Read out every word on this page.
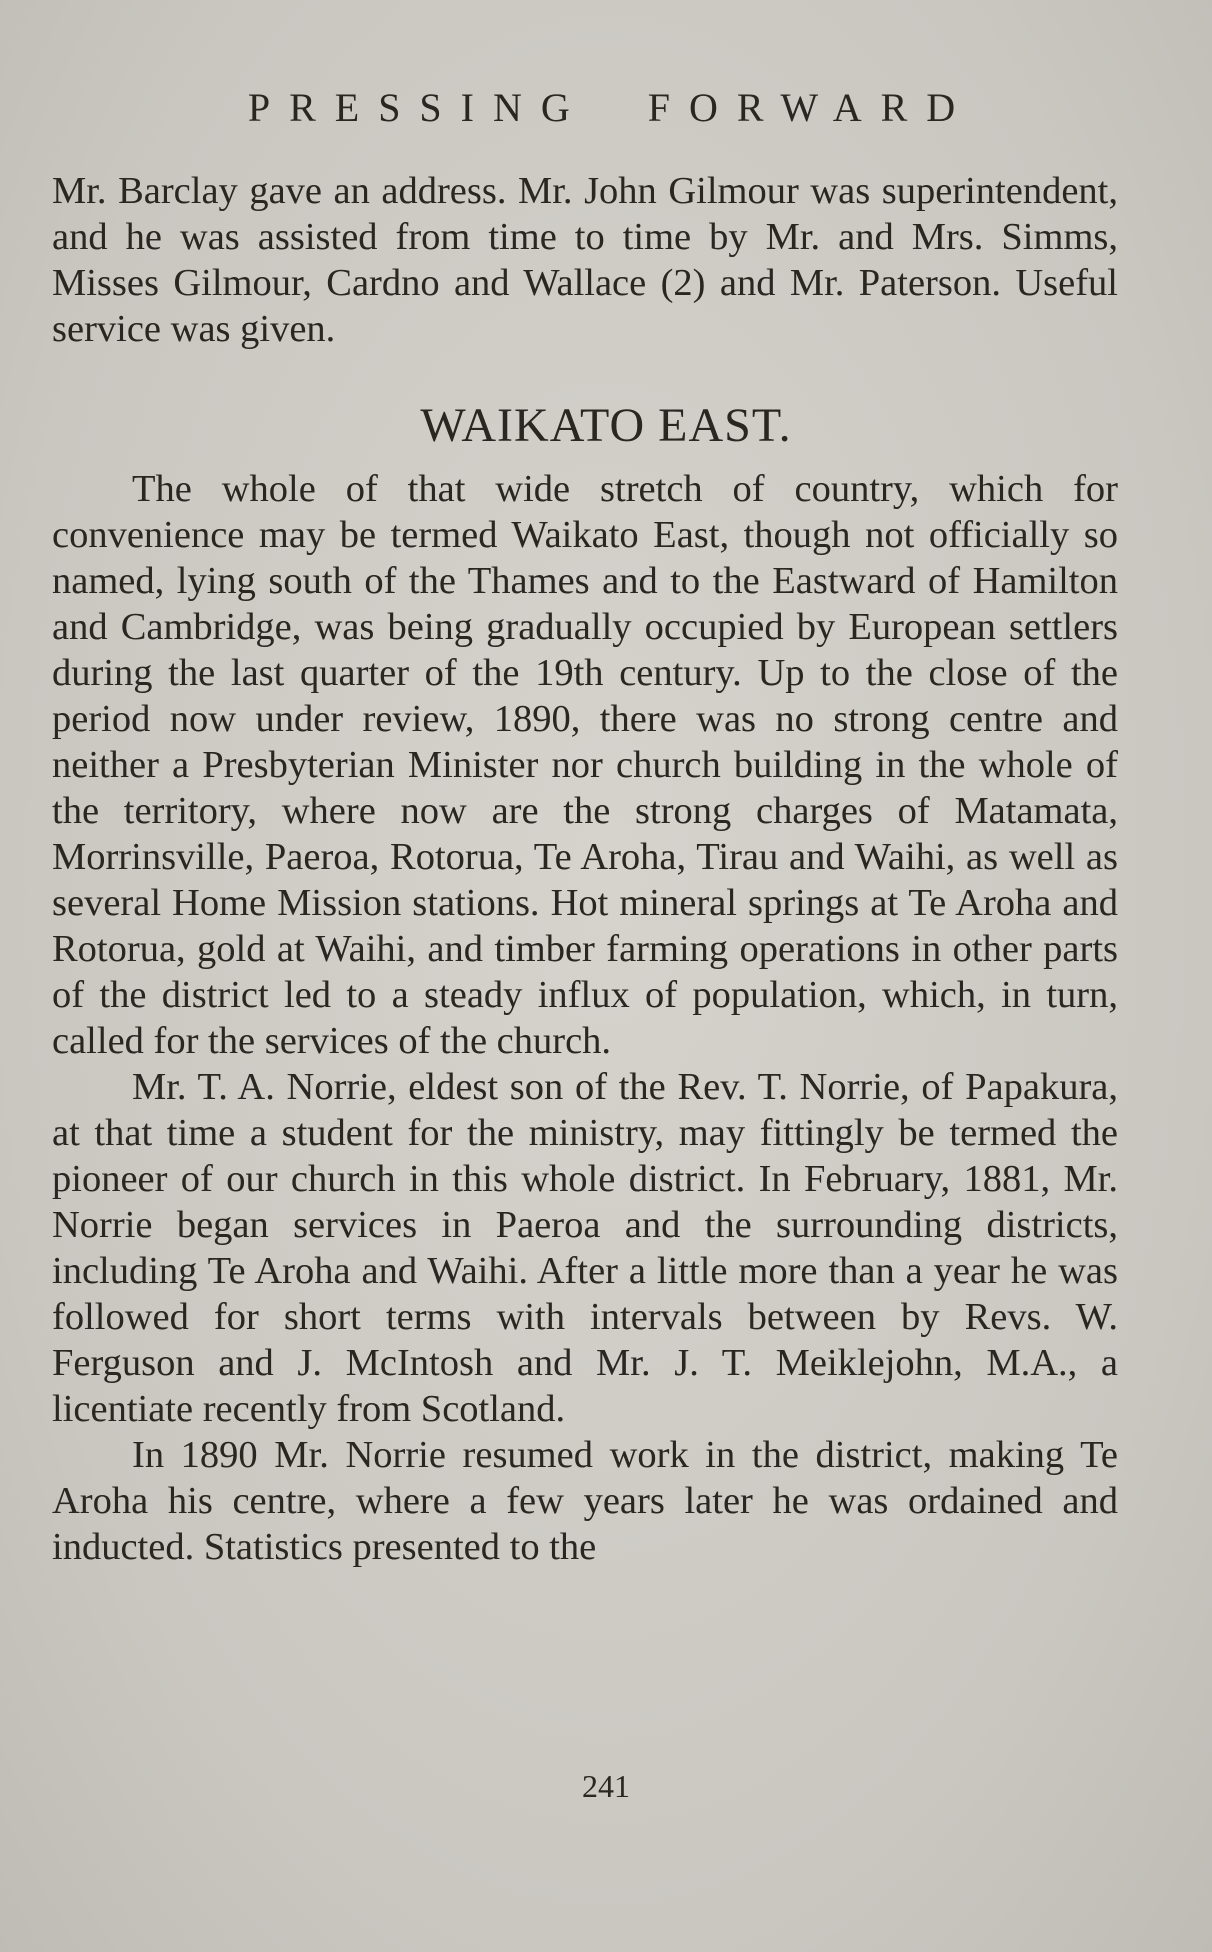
PRESSING FORWARD

Mr. Barclay gave an address. Mr. John Gilmour was superintendent, and he was assisted from time to time by Mr. and Mrs. Simms, Misses Gilmour, Cardno and Wallace (2) and Mr. Paterson. Useful service was given.

WAIKATO EAST.

The whole of that wide stretch of country, which for convenience may be termed Waikato East, though not officially so named, lying south of the Thames and to the Eastward of Hamilton and Cambridge, was being gradually occupied by European settlers during the last quarter of the 19th century. Up to the close of the period now under review, 1890, there was no strong centre and neither a Presbyterian Minister nor church building in the whole of the territory, where now are the strong charges of Matamata, Morrinsville, Paeroa, Rotorua, Te Aroha, Tirau and Waihi, as well as several Home Mission stations. Hot mineral springs at Te Aroha and Rotorua, gold at Waihi, and timber farming operations in other parts of the district led to a steady influx of population, which, in turn, called for the services of the church.

Mr. T. A. Norrie, eldest son of the Rev. T. Norrie, of Papakura, at that time a student for the ministry, may fittingly be termed the pioneer of our church in this whole district. In February, 1881, Mr. Norrie began services in Paeroa and the surrounding districts, including Te Aroha and Waihi. After a little more than a year he was followed for short terms with intervals between by Revs. W. Ferguson and J. McIntosh and Mr. J. T. Meiklejohn, M.A., a licentiate recently from Scotland.

In 1890 Mr. Norrie resumed work in the district, making Te Aroha his centre, where a few years later he was ordained and inducted. Statistics presented to the

241
